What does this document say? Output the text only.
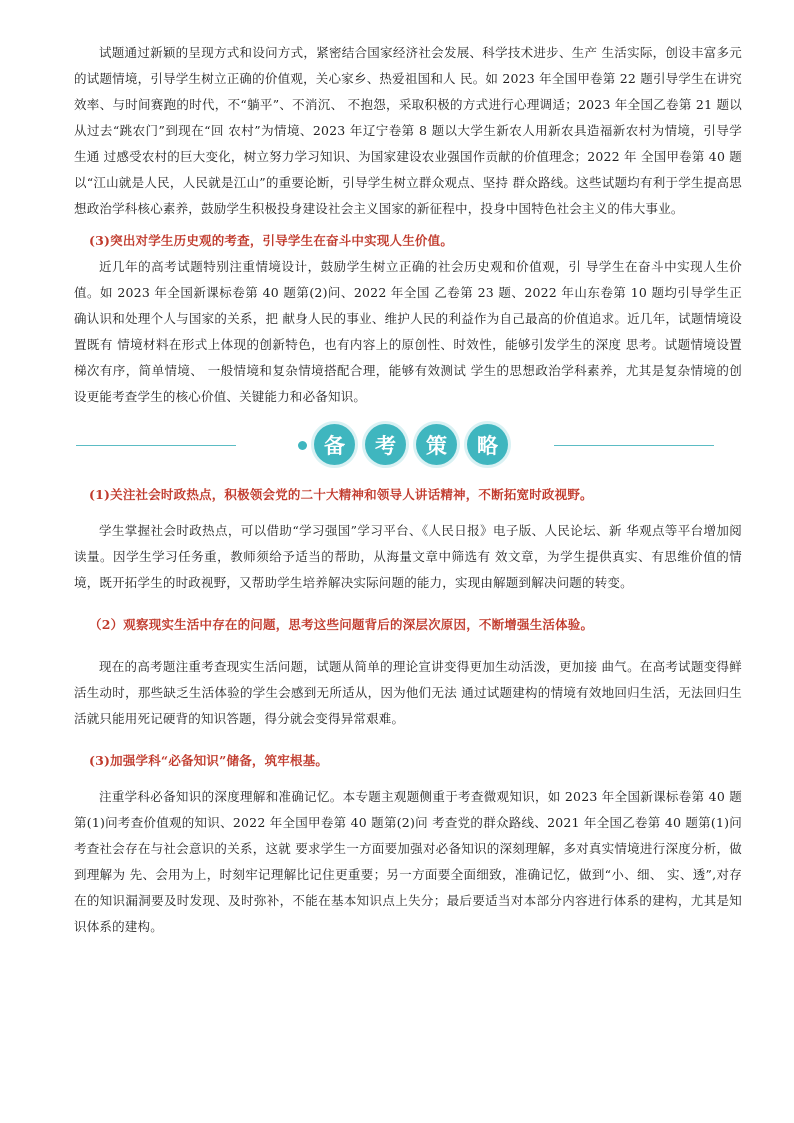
试题通过新颖的呈现方式和设问方式，紧密结合国家经济社会发展、科学技术进步、生产 生活实际，创设丰富多元的试题情境，引导学生树立正确的价值观，关心家乡、热爱祖国和人 民。如 2023 年全国甲卷第 22 题引导学生在讲究效率、与时间赛跑的时代，不“躺平”、不消沉、 不抱怨，采取积极的方式进行心理调适；2023 年全国乙卷第 21 题以从过去“跳农门”到现在“回 农村”为情境、2023 年辽宁卷第 8 题以大学生新农人用新农具造福新农村为情境，引导学生通 过感受农村的巨大变化，树立努力学习知识、为国家建设农业强国作贡献的价值理念；2022 年 全国甲卷第 40 题以“江山就是人民，人民就是江山”的重要论断，引导学生树立群众观点、坚持 群众路线。这些试题均有利于学生提高思想政治学科核心素养，鼓励学生积极投身建设社会主义国家的新征程中，投身中国特色社会主义的伟大事业。

(3)突出对学生历史观的考查，引导学生在奋斗中实现人生价值。

近几年的高考试题特别注重情境设计，鼓励学生树立正确的社会历史观和价值观，引 导学生在奋斗中实现人生价值。如 2023 年全国新课标卷第 40 题第(2)问、2022 年全国 乙卷第 23 题、2022 年山东卷第 10 题均引导学生正确认识和处理个人与国家的关系，把 献身人民的事业、维护人民的利益作为自己最高的价值追求。近几年，试题情境设置既有 情境材料在形式上体现的创新特色，也有内容上的原创性、时效性，能够引发学生的深度 思考。试题情境设置梯次有序，简单情境、 一般情境和复杂情境搭配合理，能够有效测试 学生的思想政治学科素养，尤其是复杂情境的创设更能考查学生的核心价值、关键能力和必备知识。

备	考	策	略
(1)关注社会时政热点，积极领会党的二十大精神和领导人讲话精神，不断拓宽时政视野。

学生掌握社会时政热点，可以借助“学习强国”学习平台、《人民日报》电子版、人民论坛、新 华观点等平台增加阅读量。因学生学习任务重，教师须给予适当的帮助，从海量文章中筛选有 效文章，为学生提供真实、有思维价值的情境，既开拓学生的时政视野，又帮助学生培养解决实际问题的能力，实现由解题到解决问题的转变。

（2）观察现实生活中存在的问题，思考这些问题背后的深层次原因，不断增强生活体验。

现在的高考题注重考查现实生活问题，试题从简单的理论宣讲变得更加生动活泼，更加接 曲气。在高考试题变得鲜活生动时，那些缺乏生活体验的学生会感到无所适从，因为他们无法 通过试题建构的情境有效地回归生活，无法回归生活就只能用死记硬背的知识答题，得分就会变得异常艰难。

(3)加强学科“必备知识”储备，筑牢根基。

注重学科必备知识的深度理解和准确记忆。本专题主观题侧重于考查微观知识，如 2023 年全国新课标卷第 40 题第(1)问考查价值观的知识、2022 年全国甲卷第 40 题第(2)问 考查党的群众路线、2021 年全国乙卷第 40 题第(1)问考查社会存在与社会意识的关系，这就 要求学生一方面要加强对必备知识的深刻理解，多对真实情境进行深度分析，做到理解为 先、会用为上，时刻牢记理解比记住更重要；另一方面要全面细致，准确记忆，做到“小、细、 实、透”,对存在的知识漏洞要及时发现、及时弥补，不能在基本知识点上失分；最后要适当对本部分内容进行体系的建构，尤其是知识体系的建构。
